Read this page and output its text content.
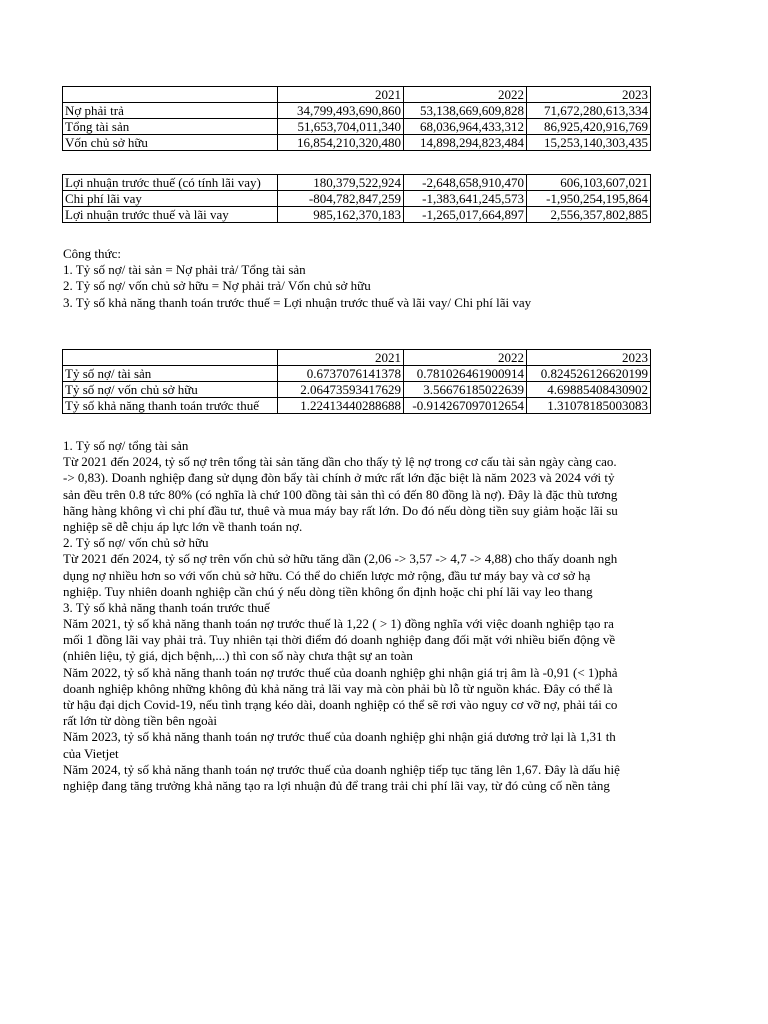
	2021	2022	2023
Nợ phải trả	34,799,493,690,860	53,138,669,609,828	71,672,280,613,334
Tổng tài sản	51,653,704,011,340	68,036,964,433,312	86,925,420,916,769
Vốn chủ sở hữu	16,854,210,320,480	14,898,294,823,484	15,253,140,303,435
Lợi nhuận trước thuế (có tính lãi vay)	180,379,522,924	-2,648,658,910,470	606,103,607,021
Chi phí lãi vay	-804,782,847,259	-1,383,641,245,573	-1,950,254,195,864
Lợi nhuận trước thuế và lãi vay	985,162,370,183	-1,265,017,664,897	2,556,357,802,885
Công thức:
1. Tỷ số nợ/ tài sản = Nợ phải trả/ Tổng tài sản
2. Tỷ số nợ/ vốn chủ sở hữu = Nợ phải trả/ Vốn chủ sở hữu
3. Tỷ số khả năng thanh toán trước thuế = Lợi nhuận trước thuế và lãi vay/ Chi phí lãi vay
	2021	2022	2023
Tỷ số nợ/ tài sản	0.6737076141378	0.781026461900914	0.824526126620199
Tỷ số nợ/ vốn chủ sở hữu	2.06473593417629	3.56676185022639	4.69885408430902
Tỷ số khả năng thanh toán trước thuế	1.22413440288688	-0.914267097012654	1.31078185003083
1. Tỷ số nợ/ tổng tài sản
Từ 2021 đến 2024, tỷ số nợ trên tổng tài sản tăng dần cho thấy tỷ lệ nợ trong cơ cấu tài sản ngày càng cao.
-> 0,83). Doanh nghiệp đang sử dụng đòn bẩy tài chính ở mức rất lớn đặc biệt là năm 2023 và 2024 với tỷ
sản đều trên 0.8 tức 80% (có nghĩa là chứ 100 đồng tài sản thì có đến 80 đồng là nợ). Đây là đặc thù tương
hãng hàng không vì chi phí đầu tư, thuê và mua máy bay rất lớn. Do đó nếu dòng tiền suy giảm hoặc lãi su
nghiệp sẽ dễ chịu áp lực lớn về thanh toán nợ.
2. Tỷ số nợ/ vốn chủ sở hữu
Từ 2021 đến 2024, tỷ số nợ trên vốn chủ sở hữu tăng dần (2,06 -> 3,57 -> 4,7 -> 4,88) cho thấy doanh ngh
dụng nợ nhiều hơn so với vốn chủ sở hữu. Có thể do chiến lược mở rộng, đầu tư máy bay và cơ sở hạ
nghiệp. Tuy nhiên doanh nghiệp cần chú ý nếu dòng tiền không ổn định hoặc chi phí lãi vay leo thang
3. Tỷ số khả năng thanh toán trước thuế
Năm 2021, tỷ số khả năng thanh toán nợ trước thuế là 1,22 ( > 1) đồng nghĩa với việc doanh nghiệp tạo ra
mối 1 đồng lãi vay phải trả. Tuy nhiên tại thời điểm đó doanh nghiệp đang đối mặt với nhiều biến động về
(nhiên liệu, tỷ giá, dịch bệnh,...) thì con số này chưa thật sự an toàn
Năm 2022, tỷ số khả năng thanh toán nợ trước thuế của doanh nghiệp ghi nhận giá trị âm là -0,91 (< 1)phả
doanh nghiệp không những không đủ khả năng trả lãi vay mà còn phải bù lỗ từ nguồn khác. Đây có thể là
từ hậu đại dịch Covid-19, nếu tình trạng kéo dài, doanh nghiệp có thể sẽ rơi vào nguy cơ vỡ nợ, phải tái co
rất lớn từ dòng tiền bên ngoài
Năm 2023, tỷ số khả năng thanh toán nợ trước thuế của doanh nghiệp ghi nhận giá dương trở lại là 1,31 th
của Vietjet
Năm 2024, tỷ số khả năng thanh toán nợ trước thuế của doanh nghiệp tiếp tục tăng lên 1,67. Đây là dấu hiệ
nghiệp đang tăng trưởng khả năng tạo ra lợi nhuận đủ để trang trải chi phí lãi vay, từ đó củng cố nền tảng
